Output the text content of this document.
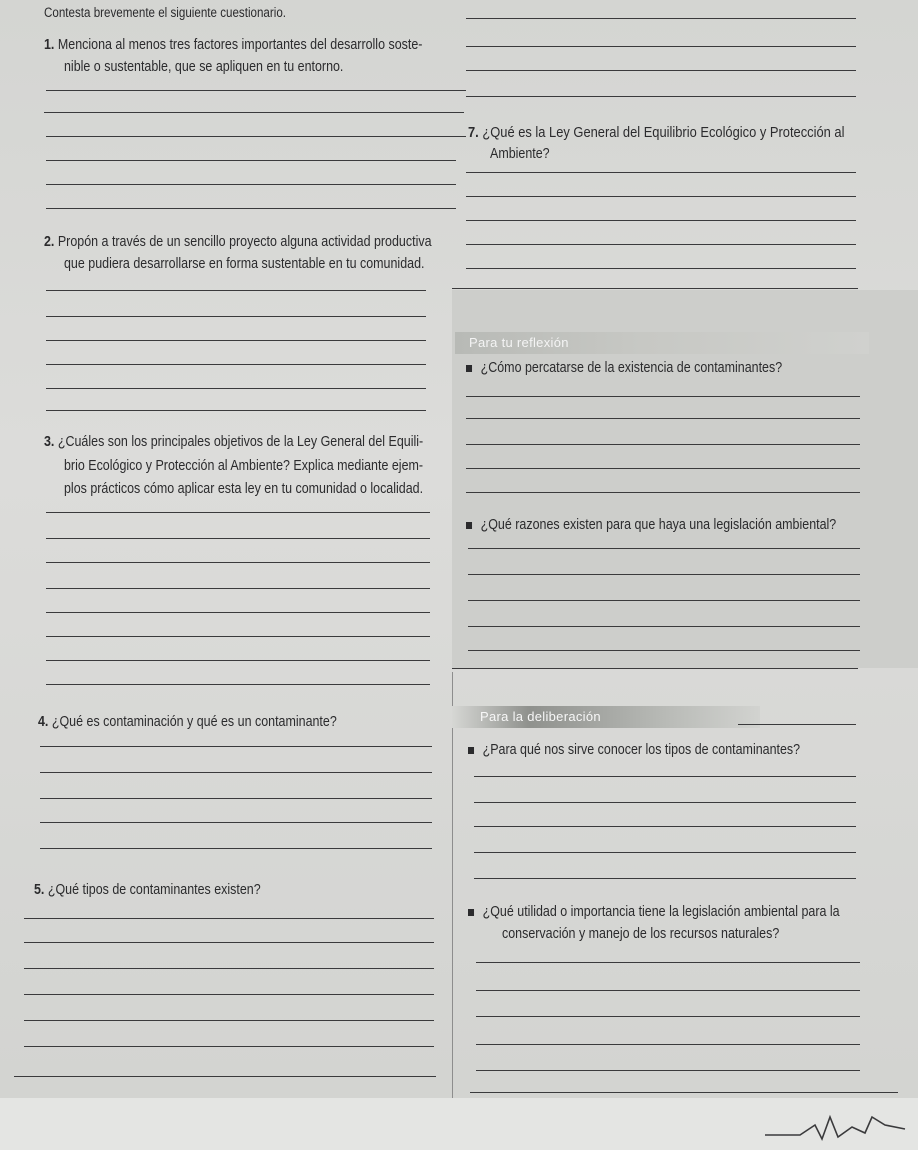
Contesta brevemente el siguiente cuestionario.
1. Menciona al menos tres factores importantes del desarrollo soste-
nible o sustentable, que se apliquen en tu entorno.
2. Propón a través de un sencillo proyecto alguna actividad productiva
que pudiera desarrollarse en forma sustentable en tu comunidad.
3. ¿Cuáles son los principales objetivos de la Ley General del Equili-
brio Ecológico y Protección al Ambiente? Explica mediante ejem-
plos prácticos cómo aplicar esta ley en tu comunidad o localidad.
4. ¿Qué es contaminación y qué es un contaminante?
5. ¿Qué tipos de contaminantes existen?
7. ¿Qué es la Ley General del Equilibrio Ecológico y Protección al
Ambiente?
Para tu reflexión
¿Cómo percatarse de la existencia de contaminantes?
¿Qué razones existen para que haya una legislación ambiental?
Para la deliberación
¿Para qué nos sirve conocer los tipos de contaminantes?
¿Qué utilidad o importancia tiene la legislación ambiental para la
conservación y manejo de los recursos naturales?
